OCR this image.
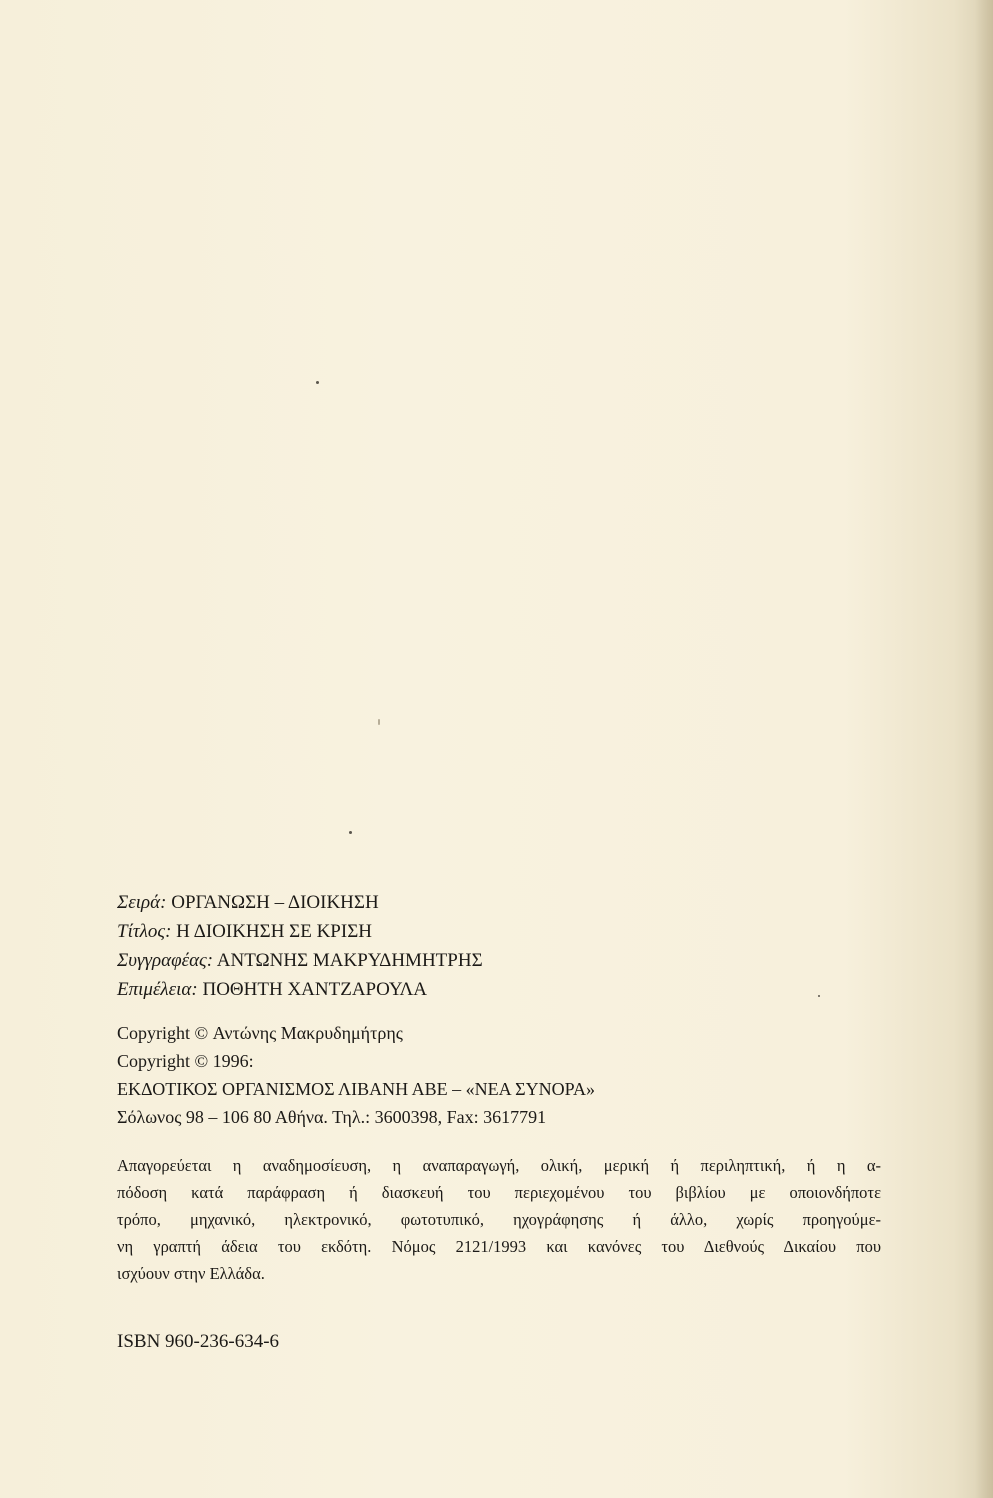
Σειρά: ΟΡΓΑΝΩΣΗ – ΔΙΟΙΚΗΣΗ
Τίτλος: Η ΔΙΟΙΚΗΣΗ ΣΕ ΚΡΙΣΗ
Συγγραφέας: ΑΝΤΩΝΗΣ ΜΑΚΡΥΔΗΜΗΤΡΗΣ
Επιμέλεια: ΠΟΘΗΤΗ ΧΑΝΤΖΑΡΟΥΛΑ
Copyright © Αντώνης Μακρυδημήτρης
Copyright © 1996:
ΕΚΔΟΤΙΚΟΣ ΟΡΓΑΝΙΣΜΟΣ ΛΙΒΑΝΗ ΑΒΕ – «ΝΕΑ ΣΥΝΟΡΑ»
Σόλωνος 98 – 106 80 Αθήνα. Τηλ.: 3600398, Fax: 3617791
Απαγορεύεται η αναδημοσίευση, η αναπαραγωγή, ολική, μερική ή περιληπτική, ή η α-
πόδοση κατά παράφραση ή διασκευή του περιεχομένου του βιβλίου με οποιονδήποτε
τρόπο, μηχανικό, ηλεκτρονικό, φωτοτυπικό, ηχογράφησης ή άλλο, χωρίς προηγούμε-
νη γραπτή άδεια του εκδότη. Νόμος 2121/1993 και κανόνες του Διεθνούς Δικαίου που
ισχύουν στην Ελλάδα.
ISBN 960-236-634-6
